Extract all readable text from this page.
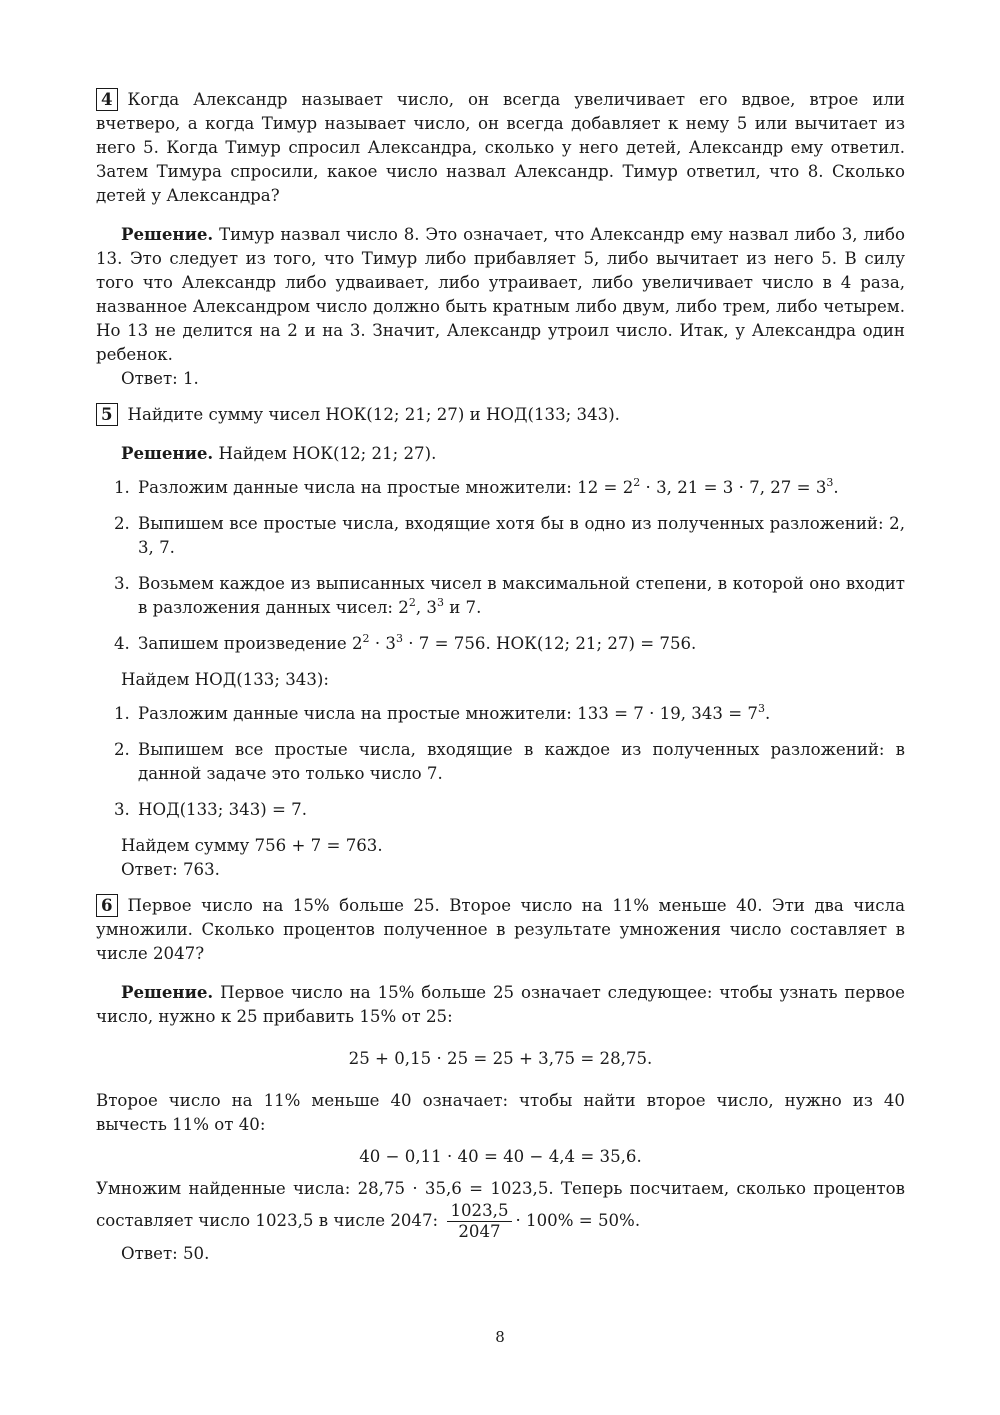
4 Когда Александр называет число, он всегда увеличивает его вдвое, втрое или вчетверо, а когда Тимур называет число, он всегда добавляет к нему 5 или вычитает из него 5. Когда Тимур спросил Александра, сколько у него детей, Александр ему ответил. Затем Тимура спросили, какое число назвал Александр. Тимур ответил, что 8. Сколько детей у Александра?

Решение. Тимур назвал число 8. Это означает, что Александр ему назвал либо 3, либо 13. Это следует из того, что Тимур либо прибавляет 5, либо вычитает из него 5. В силу того что Александр либо удваивает, либо утраивает, либо увеличивает число в 4 раза, названное Александром число должно быть кратным либо двум, либо трем, либо четырем. Но 13 не делится на 2 и на 3. Значит, Александр утроил число. Итак, у Александра один ребенок.

Ответ: 1.

5 Найдите сумму чисел НОК(12; 21; 27) и НОД(133; 343).

Решение. Найдем НОК(12; 21; 27).

1. Разложим данные числа на простые множители: $12 = 2^2 \cdot 3$, 21 = 3 · 7, $27 = 3^3$.
2. Выпишем все простые числа, входящие хотя бы в одно из полученных разложений: 2, 3, 7.
3. Возьмем каждое из выписанных чисел в максимальной степени, в которой оно входит в разложения данных чисел: $2^2$, $3^3$ и 7.
4. Запишем произведение $2^2 \cdot 3^3 \cdot 7 = 756$. НОК(12; 21; 27) = 756.

Найдем НОД(133; 343):

1. Разложим данные числа на простые множители: 133 = 7 · 19, $343 = 7^3$.
2. Выпишем все простые числа, входящие в каждое из полученных разложений: в данной задаче это только число 7.
3. НОД(133; 343) = 7.

Найдем сумму 756 + 7 = 763.

Ответ: 763.

6 Первое число на 15% больше 25. Второе число на 11% меньше 40. Эти два числа умножили. Сколько процентов полученное в результате умножения число составляет в числе 2047?

Решение. Первое число на 15% больше 25 означает следующее: чтобы узнать первое число, нужно к 25 прибавить 15% от 25:

25 + 0,15 · 25 = 25 + 3,75 = 28,75.

Второе число на 11% меньше 40 означает: чтобы найти второе число, нужно из 40 вычесть 11% от 40:

40 − 0,11 · 40 = 40 − 4,4 = 35,6.

Умножим найденные числа: 28,75 · 35,6 = 1023,5. Теперь посчитаем, сколько процентов составляет число 1023,5 в числе 2047: $\frac{1023,5}{2047} \cdot 100\% = 50\%$.

Ответ: 50.

8
